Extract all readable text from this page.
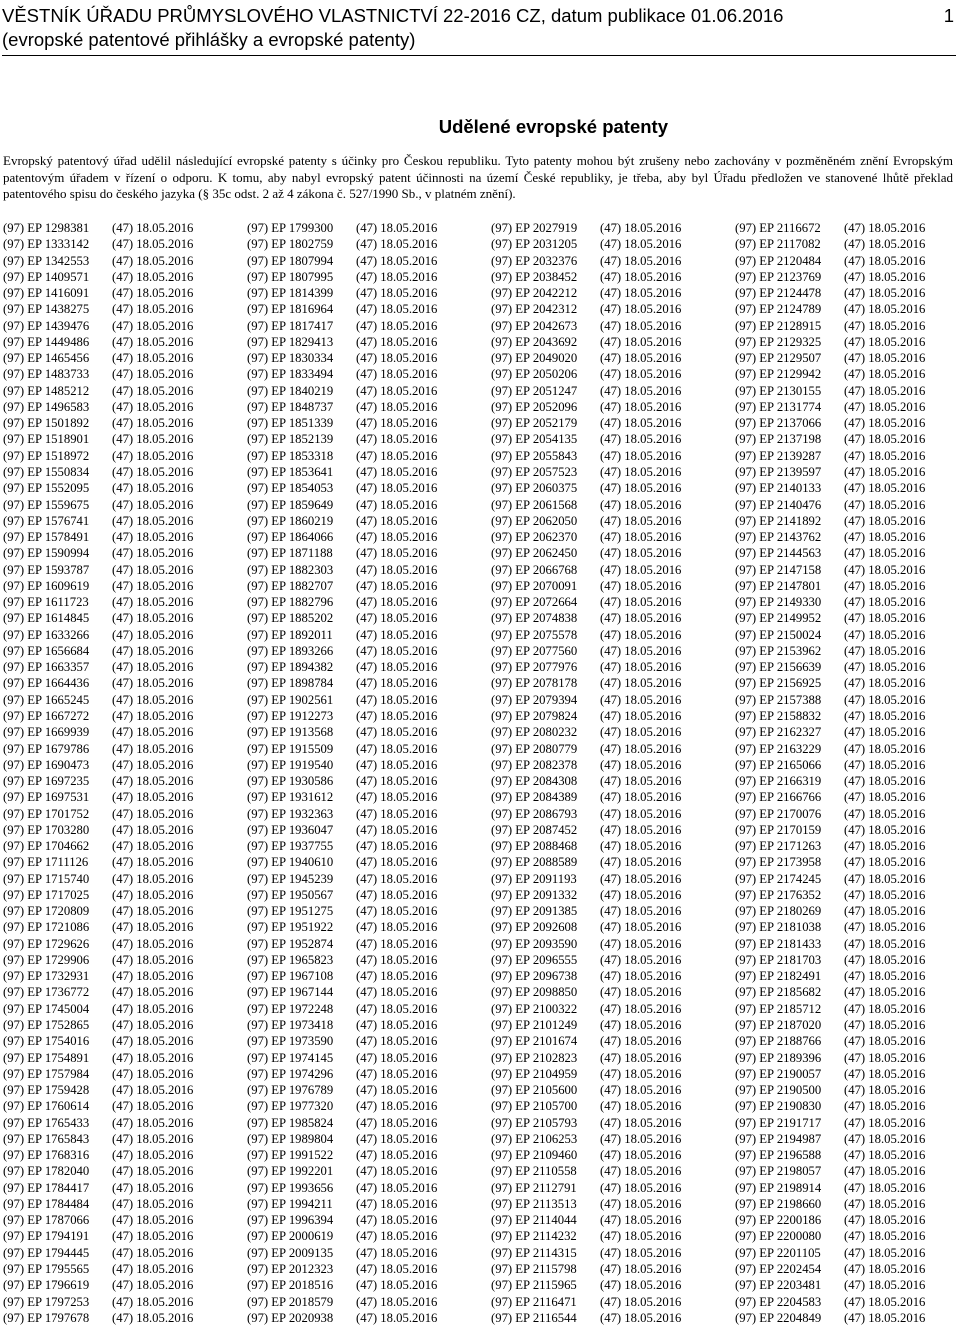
VĚSTNÍK ÚŘADU PRŮMYSLOVÉHO VLASTNICTVÍ 22-2016 CZ, datum publikace 01.06.2016
(evropské patentové přihlášky a evropské patenty)
1
Udělené evropské patenty
Evropský patentový úřad udělil následující evropské patenty s účinky pro Českou republiku. Tyto patenty mohou být zrušeny nebo zachovány v pozměněném znění Evropským patentovým úřadem v řízení o odporu. K tomu, aby nabyl evropský patent účinnosti na území České republiky, je třeba, aby byl Úřadu předložen ve stanovené lhůtě překlad patentového spisu do českého jazyka (§ 35c odst. 2 až 4 zákona č. 527/1990 Sb., v platném znění).
(97) EP 1298381 (47) 18.05.2016
(97) EP 1333142 (47) 18.05.2016
(97) EP 1342553 (47) 18.05.2016
(97) EP 1409571 (47) 18.05.2016
(97) EP 1416091 (47) 18.05.2016
(97) EP 1438275 (47) 18.05.2016
(97) EP 1439476 (47) 18.05.2016
(97) EP 1449486 (47) 18.05.2016
(97) EP 1465456 (47) 18.05.2016
(97) EP 1483733 (47) 18.05.2016
(97) EP 1485212 (47) 18.05.2016
(97) EP 1496583 (47) 18.05.2016
(97) EP 1501892 (47) 18.05.2016
(97) EP 1518901 (47) 18.05.2016
(97) EP 1518972 (47) 18.05.2016
(97) EP 1550834 (47) 18.05.2016
(97) EP 1552095 (47) 18.05.2016
(97) EP 1559675 (47) 18.05.2016
(97) EP 1576741 (47) 18.05.2016
(97) EP 1578491 (47) 18.05.2016
(97) EP 1590994 (47) 18.05.2016
(97) EP 1593787 (47) 18.05.2016
(97) EP 1609619 (47) 18.05.2016
(97) EP 1611723 (47) 18.05.2016
(97) EP 1614845 (47) 18.05.2016
(97) EP 1633266 (47) 18.05.2016
(97) EP 1656684 (47) 18.05.2016
(97) EP 1663357 (47) 18.05.2016
(97) EP 1664436 (47) 18.05.2016
(97) EP 1665245 (47) 18.05.2016
(97) EP 1667272 (47) 18.05.2016
(97) EP 1669939 (47) 18.05.2016
(97) EP 1679786 (47) 18.05.2016
(97) EP 1690473 (47) 18.05.2016
(97) EP 1697235 (47) 18.05.2016
(97) EP 1697531 (47) 18.05.2016
(97) EP 1701752 (47) 18.05.2016
(97) EP 1703280 (47) 18.05.2016
(97) EP 1704662 (47) 18.05.2016
(97) EP 1711126 (47) 18.05.2016
(97) EP 1715740 (47) 18.05.2016
(97) EP 1717025 (47) 18.05.2016
(97) EP 1720809 (47) 18.05.2016
(97) EP 1721086 (47) 18.05.2016
(97) EP 1729626 (47) 18.05.2016
(97) EP 1729906 (47) 18.05.2016
(97) EP 1732931 (47) 18.05.2016
(97) EP 1736772 (47) 18.05.2016
(97) EP 1745004 (47) 18.05.2016
(97) EP 1752865 (47) 18.05.2016
(97) EP 1754016 (47) 18.05.2016
(97) EP 1754891 (47) 18.05.2016
(97) EP 1757984 (47) 18.05.2016
(97) EP 1759428 (47) 18.05.2016
(97) EP 1760614 (47) 18.05.2016
(97) EP 1765433 (47) 18.05.2016
(97) EP 1765843 (47) 18.05.2016
(97) EP 1768316 (47) 18.05.2016
(97) EP 1782040 (47) 18.05.2016
(97) EP 1784417 (47) 18.05.2016
(97) EP 1784484 (47) 18.05.2016
(97) EP 1787066 (47) 18.05.2016
(97) EP 1794191 (47) 18.05.2016
(97) EP 1794445 (47) 18.05.2016
(97) EP 1795565 (47) 18.05.2016
(97) EP 1796619 (47) 18.05.2016
(97) EP 1797253 (47) 18.05.2016
(97) EP 1797678 (47) 18.05.2016
(97) EP 1799300 (47) 18.05.2016
(97) EP 1802759 (47) 18.05.2016
(97) EP 1807994 (47) 18.05.2016
(97) EP 1807995 (47) 18.05.2016
(97) EP 1814399 (47) 18.05.2016
(97) EP 1816964 (47) 18.05.2016
(97) EP 1817417 (47) 18.05.2016
(97) EP 1829413 (47) 18.05.2016
(97) EP 1830334 (47) 18.05.2016
(97) EP 1833494 (47) 18.05.2016
(97) EP 1840219 (47) 18.05.2016
(97) EP 1848737 (47) 18.05.2016
(97) EP 1851339 (47) 18.05.2016
(97) EP 1852139 (47) 18.05.2016
(97) EP 1853318 (47) 18.05.2016
(97) EP 1853641 (47) 18.05.2016
(97) EP 1854053 (47) 18.05.2016
(97) EP 1859649 (47) 18.05.2016
(97) EP 1860219 (47) 18.05.2016
(97) EP 1864066 (47) 18.05.2016
(97) EP 1871188 (47) 18.05.2016
(97) EP 1882303 (47) 18.05.2016
(97) EP 1882707 (47) 18.05.2016
(97) EP 1882796 (47) 18.05.2016
(97) EP 1885202 (47) 18.05.2016
(97) EP 1892011 (47) 18.05.2016
(97) EP 1893266 (47) 18.05.2016
(97) EP 1894382 (47) 18.05.2016
(97) EP 1898784 (47) 18.05.2016
(97) EP 1902561 (47) 18.05.2016
(97) EP 1912273 (47) 18.05.2016
(97) EP 1913568 (47) 18.05.2016
(97) EP 1915509 (47) 18.05.2016
(97) EP 1919540 (47) 18.05.2016
(97) EP 1930586 (47) 18.05.2016
(97) EP 1931612 (47) 18.05.2016
(97) EP 1932363 (47) 18.05.2016
(97) EP 1936047 (47) 18.05.2016
(97) EP 1937755 (47) 18.05.2016
(97) EP 1940610 (47) 18.05.2016
(97) EP 1945239 (47) 18.05.2016
(97) EP 1950567 (47) 18.05.2016
(97) EP 1951275 (47) 18.05.2016
(97) EP 1951922 (47) 18.05.2016
(97) EP 1952874 (47) 18.05.2016
(97) EP 1965823 (47) 18.05.2016
(97) EP 1967108 (47) 18.05.2016
(97) EP 1967144 (47) 18.05.2016
(97) EP 1972248 (47) 18.05.2016
(97) EP 1973418 (47) 18.05.2016
(97) EP 1973590 (47) 18.05.2016
(97) EP 1974145 (47) 18.05.2016
(97) EP 1974296 (47) 18.05.2016
(97) EP 1976789 (47) 18.05.2016
(97) EP 1977320 (47) 18.05.2016
(97) EP 1985824 (47) 18.05.2016
(97) EP 1989804 (47) 18.05.2016
(97) EP 1991522 (47) 18.05.2016
(97) EP 1992201 (47) 18.05.2016
(97) EP 1993656 (47) 18.05.2016
(97) EP 1994211 (47) 18.05.2016
(97) EP 1996394 (47) 18.05.2016
(97) EP 2000619 (47) 18.05.2016
(97) EP 2009135 (47) 18.05.2016
(97) EP 2012323 (47) 18.05.2016
(97) EP 2018516 (47) 18.05.2016
(97) EP 2018579 (47) 18.05.2016
(97) EP 2020938 (47) 18.05.2016
(97) EP 2027919 (47) 18.05.2016
(97) EP 2031205 (47) 18.05.2016
(97) EP 2032376 (47) 18.05.2016
(97) EP 2038452 (47) 18.05.2016
(97) EP 2042212 (47) 18.05.2016
(97) EP 2042312 (47) 18.05.2016
(97) EP 2042673 (47) 18.05.2016
(97) EP 2043692 (47) 18.05.2016
(97) EP 2049020 (47) 18.05.2016
(97) EP 2050206 (47) 18.05.2016
(97) EP 2051247 (47) 18.05.2016
(97) EP 2052096 (47) 18.05.2016
(97) EP 2052179 (47) 18.05.2016
(97) EP 2054135 (47) 18.05.2016
(97) EP 2055843 (47) 18.05.2016
(97) EP 2057523 (47) 18.05.2016
(97) EP 2060375 (47) 18.05.2016
(97) EP 2061568 (47) 18.05.2016
(97) EP 2062050 (47) 18.05.2016
(97) EP 2062370 (47) 18.05.2016
(97) EP 2062450 (47) 18.05.2016
(97) EP 2066768 (47) 18.05.2016
(97) EP 2070091 (47) 18.05.2016
(97) EP 2072664 (47) 18.05.2016
(97) EP 2074838 (47) 18.05.2016
(97) EP 2075578 (47) 18.05.2016
(97) EP 2077560 (47) 18.05.2016
(97) EP 2077976 (47) 18.05.2016
(97) EP 2078178 (47) 18.05.2016
(97) EP 2079394 (47) 18.05.2016
(97) EP 2079824 (47) 18.05.2016
(97) EP 2080232 (47) 18.05.2016
(97) EP 2080779 (47) 18.05.2016
(97) EP 2082378 (47) 18.05.2016
(97) EP 2084308 (47) 18.05.2016
(97) EP 2084389 (47) 18.05.2016
(97) EP 2086793 (47) 18.05.2016
(97) EP 2087452 (47) 18.05.2016
(97) EP 2088468 (47) 18.05.2016
(97) EP 2088589 (47) 18.05.2016
(97) EP 2091193 (47) 18.05.2016
(97) EP 2091332 (47) 18.05.2016
(97) EP 2091385 (47) 18.05.2016
(97) EP 2092608 (47) 18.05.2016
(97) EP 2093590 (47) 18.05.2016
(97) EP 2096555 (47) 18.05.2016
(97) EP 2096738 (47) 18.05.2016
(97) EP 2098850 (47) 18.05.2016
(97) EP 2100322 (47) 18.05.2016
(97) EP 2101249 (47) 18.05.2016
(97) EP 2101674 (47) 18.05.2016
(97) EP 2102823 (47) 18.05.2016
(97) EP 2104959 (47) 18.05.2016
(97) EP 2105600 (47) 18.05.2016
(97) EP 2105700 (47) 18.05.2016
(97) EP 2105793 (47) 18.05.2016
(97) EP 2106253 (47) 18.05.2016
(97) EP 2109460 (47) 18.05.2016
(97) EP 2110558 (47) 18.05.2016
(97) EP 2112791 (47) 18.05.2016
(97) EP 2113513 (47) 18.05.2016
(97) EP 2114044 (47) 18.05.2016
(97) EP 2114232 (47) 18.05.2016
(97) EP 2114315 (47) 18.05.2016
(97) EP 2115798 (47) 18.05.2016
(97) EP 2115965 (47) 18.05.2016
(97) EP 2116471 (47) 18.05.2016
(97) EP 2116544 (47) 18.05.2016
(97) EP 2116672 (47) 18.05.2016
(97) EP 2117082 (47) 18.05.2016
(97) EP 2120484 (47) 18.05.2016
(97) EP 2123769 (47) 18.05.2016
(97) EP 2124478 (47) 18.05.2016
(97) EP 2124789 (47) 18.05.2016
(97) EP 2128915 (47) 18.05.2016
(97) EP 2129325 (47) 18.05.2016
(97) EP 2129507 (47) 18.05.2016
(97) EP 2129942 (47) 18.05.2016
(97) EP 2130155 (47) 18.05.2016
(97) EP 2131774 (47) 18.05.2016
(97) EP 2137066 (47) 18.05.2016
(97) EP 2137198 (47) 18.05.2016
(97) EP 2139287 (47) 18.05.2016
(97) EP 2139597 (47) 18.05.2016
(97) EP 2140133 (47) 18.05.2016
(97) EP 2140476 (47) 18.05.2016
(97) EP 2141892 (47) 18.05.2016
(97) EP 2143762 (47) 18.05.2016
(97) EP 2144563 (47) 18.05.2016
(97) EP 2147158 (47) 18.05.2016
(97) EP 2147801 (47) 18.05.2016
(97) EP 2149330 (47) 18.05.2016
(97) EP 2149952 (47) 18.05.2016
(97) EP 2150024 (47) 18.05.2016
(97) EP 2153962 (47) 18.05.2016
(97) EP 2156639 (47) 18.05.2016
(97) EP 2156925 (47) 18.05.2016
(97) EP 2157388 (47) 18.05.2016
(97) EP 2158832 (47) 18.05.2016
(97) EP 2162327 (47) 18.05.2016
(97) EP 2163229 (47) 18.05.2016
(97) EP 2165066 (47) 18.05.2016
(97) EP 2166319 (47) 18.05.2016
(97) EP 2166766 (47) 18.05.2016
(97) EP 2170076 (47) 18.05.2016
(97) EP 2170159 (47) 18.05.2016
(97) EP 2171263 (47) 18.05.2016
(97) EP 2173958 (47) 18.05.2016
(97) EP 2174245 (47) 18.05.2016
(97) EP 2176352 (47) 18.05.2016
(97) EP 2180269 (47) 18.05.2016
(97) EP 2181038 (47) 18.05.2016
(97) EP 2181433 (47) 18.05.2016
(97) EP 2181703 (47) 18.05.2016
(97) EP 2182491 (47) 18.05.2016
(97) EP 2185682 (47) 18.05.2016
(97) EP 2185712 (47) 18.05.2016
(97) EP 2187020 (47) 18.05.2016
(97) EP 2188766 (47) 18.05.2016
(97) EP 2189396 (47) 18.05.2016
(97) EP 2190057 (47) 18.05.2016
(97) EP 2190500 (47) 18.05.2016
(97) EP 2190830 (47) 18.05.2016
(97) EP 2191717 (47) 18.05.2016
(97) EP 2194987 (47) 18.05.2016
(97) EP 2196588 (47) 18.05.2016
(97) EP 2198057 (47) 18.05.2016
(97) EP 2198914 (47) 18.05.2016
(97) EP 2198660 (47) 18.05.2016
(97) EP 2200186 (47) 18.05.2016
(97) EP 2200080 (47) 18.05.2016
(97) EP 2201105 (47) 18.05.2016
(97) EP 2202454 (47) 18.05.2016
(97) EP 2203481 (47) 18.05.2016
(97) EP 2204583 (47) 18.05.2016
(97) EP 2204849 (47) 18.05.2016
